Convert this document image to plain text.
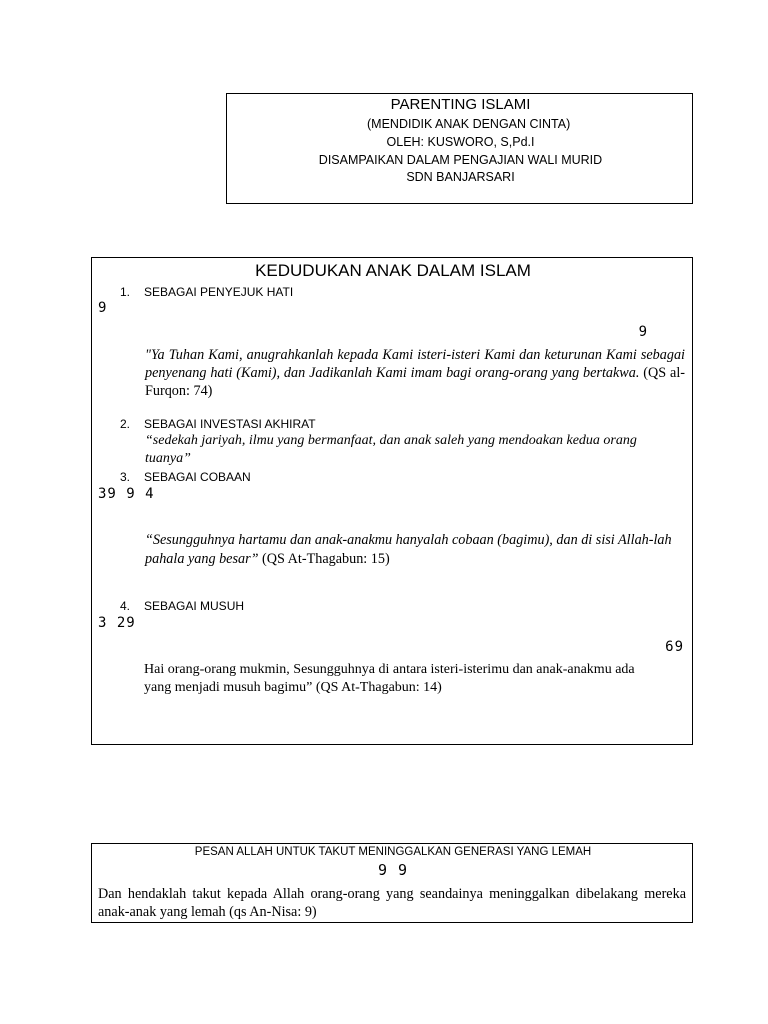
PARENTING ISLAMI
(MENDIDIK ANAK DENGAN CINTA)
OLEH: KUSWORO, S,Pd.I
DISAMPAIKAN DALAM PENGAJIAN WALI MURID
SDN BANJARSARI
KEDUDUKAN ANAK DALAM ISLAM
1. SEBAGAI PENYEJUK HATI
9
9
"Ya Tuhan Kami, anugrahkanlah kepada Kami isteri-isteri Kami dan keturunan Kami sebagai penyenang hati (Kami), dan Jadikanlah Kami imam bagi orang-orang yang bertakwa. (QS al-Furqon: 74)
2. SEBAGAI INVESTASI AKHIRAT
“sedekah jariyah, ilmu yang bermanfaat, dan anak saleh yang mendoakan kedua orang
tuanya”
3. SEBAGAI COBAAN
39 9 4
“Sesungguhnya hartamu dan anak-anakmu hanyalah cobaan (bagimu), dan di sisi Allah-lah pahala yang besar” (QS At-Thagabun: 15)
4. SEBAGAI MUSUH
3 29
69
Hai orang-orang mukmin, Sesungguhnya di antara isteri-isterimu dan anak-anakmu ada
yang menjadi musuh bagimu” (QS At-Thagabun: 14)
PESAN ALLAH UNTUK TAKUT MENINGGALKAN GENERASI YANG LEMAH
9 9
Dan hendaklah takut kepada Allah orang-orang yang seandainya meninggalkan dibelakang mereka anak-anak yang lemah (qs An-Nisa: 9)
